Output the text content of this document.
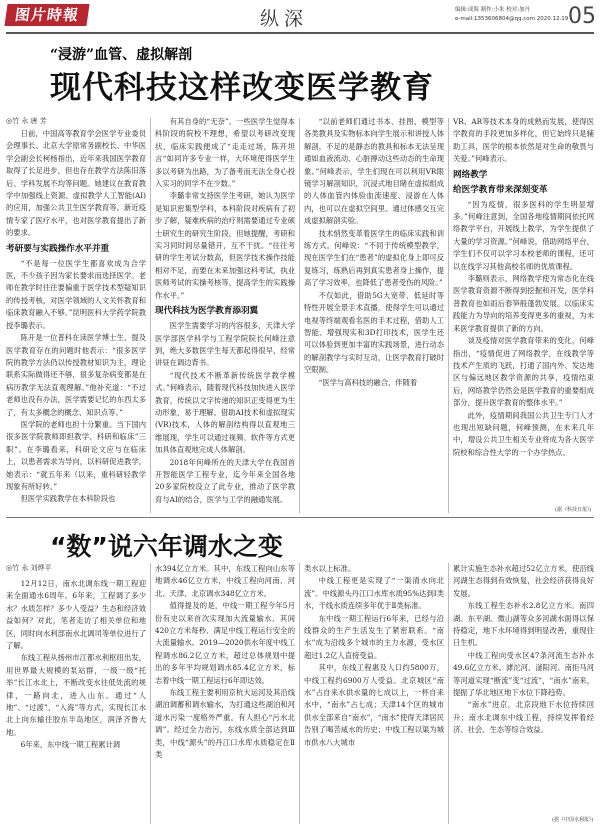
图片時報	纵深	编辑:成海 制作:小朱 校对:加丹
e-mail:1353606804@qq.com 2020.12.19 05
“浸游”血管、虚拟解剖
现代科技这样改变医学教育
◎竹 永 唐 芳

日前，中国高等教育学会医学专业委员会理事长、北京大学原常务副校长、中华医学会副会长柯杨指出，近年来我国医学教育取得了长足进步，但也存在教学方法陈旧落后、学科发展不均等问题。她建议在教育教学中加强线上资源、虚拟教学人工智能(AI)的应用，加强公共卫生医学教育等。新近疫情专家了医疗水平，也对医学教育提出了新的要求。

考研要与实践操作水平并重

“不是每一位医学生都喜欢成为合学医，不少孩子因为家长要求而选择医学。老师在教学时往往要偏重于医学技术型疑知识的传授考核，对医学领域的人文关怀教育和临床教育融入不够。”昆明医科大学药学院教授李璐表示。

陈开是一位普科在读医学博士生，提及医学教育存在的问题时他表示：“很多医学院的教学方法仍以传授教材知识为主，理论联系实际做得还不够，很多复杂病变都是在病历教学无法直观理解。”他补充道：“不过老师也没有办法，医学需要记忆的东西太多了，有太多概念的概念、知识点等。”

医学院的老师也担十分繁重。当下国内很多医学院教师即担教学、科研和临床”三职”。在李璐看来，科研论文应与在临床上，以患者需求为导向，以科研促进教学。她表示：“就五年来（以来，重科研轻教学现象有所好转。”

但医学实践教学在本科阶段也

有其自身的“无奈”。一些医学生觉得本科阶段的院校不理想，希望以考研改变现状，临床实践便成了“走走过场，陈开坦言“如同许多专业一样，大环境使得医学生多以考研为出路，为了备考而无法全身心投入实习的同学不在少数。”

李璐非常支持医学生考研，她认为医学是知识密集型学科，本科阶段对疾病有了初步了解，疑难疾病的治疗则需要通过专业硕士研究生的研究生阶段，但她提醒，考研和实习同时间尽量错开，互不干扰。“往往考研的学生考试分数高，但医学技术操作技能相对不足，而要在未来加强这科考试，执业医师考试的实操考核等，提高学生的实践操作水平。”

现代科技为医学教育添羽翼

医学生需要学习的内容很多，天津大学医学部医学科学与工程学院院长何峰注意到，绝大多数医学生每天都起得很早，经常讲昼在调边背书。

“现代技术不断革新传统医学教学模式。”何峰表示，随着现代科技加快进入医学教育，传统以文字传递的知识正变得更为生动形象、易于理解。借助AI技术和虚拟现实(VR)技术，人体的解剖结构得以直观地三维展现，学生可以通过视频、软件等方式更加具体直观地完成人体解剖。

2018年何峰所在的天津大学在我国首开智能医学工程专业，迄今年来全国各地20多家院校设立了此专业，推动了医学教育与AI的结合，医学与工学的融通发展。

“以前老师们通过书本、挂图、模型等各类教具及实物标本向学生展示和讲授人体解剖，不足的是静态的教具和标本无法呈现通如血液流动、心脏搏动这些动态的生命现象。”何峰表示，学生们现在可以利用VR眼镜学习解剖知识，沉浸式地目睹在虚拟组成的人体血管内体验血流速度、浸游在人体内，也可以在虚拟空间里、通过体感交互完成虚拟解剖实验。

技术悄然变革着医学生的临床实践和训练方式。何峰说：“不同于传统模型教学，现在医学生们在“患者”的虚拟化身上即可反复练习，练熟后再到真实患者身上操作，提高了学习效率，也降低了患者受伤的风险。”

不仅如此，借助5G大宽带、低延时等特性开展全景手术直播，使得学生可以通过电视等终端观看名医的手术过程，借助人工智能、增强现实和3D打印技术，医学生还可以体验到更加丰富的实践场景，进行动态的解剖教学与实时互动，让医学教育打破时空限制。

“医学与高科技的融合，伴随着

VR、AR等技术本身的成熟而发展，使得医学教育的手段更加多样化，但它始终只是辅助工具，医学的根本依然是对生命的敬畏与关爱。”何峰表示。

网络教学

给医学教育带来深刻变革

“因为疫情，很多医科的学生明显增多。”何峰注意到，全国各地疫情期间依托网络教学平台，开展线上教学，为学生提供了大量的学习资源。”何峰说，借助网络平台，学生们不仅可以学习本校老师的课程，还可以在线学习其他高校名师的优质课程。

李璐则表示，网络教学使为常态化在线医学教育资源不断得到挖掘和开发，医学科普教育也如雨后春笋般蓬勃发展。以临床实践能力为导向的培养变得更多的重视，为未来医学教育提供了新的方向。

谈及疫情对医学教育带来的变化，何峰指出，“疫情促进了网络教学，在线教学等技术产生质的飞跃，打通了国内外、发达地区与偏远地区教学资源的共享，疫情结束后，网络教学仍然会是医学教育的重要组成部分，提升医学教育的整体水平。”

此外，疫情期间我国公共卫生专门人才也现出短缺问题，何峰预测，在未来几年中，增设公共卫生相关专业将成为各大医学院校和综合性大学的一个办学热点。

(据《科技日报》)
“数”说六年调水之变
◎竹 永 刘烨平

12月12日，南水北调东线一期工程迎来全面通水6周年。6年来，工程调了多少水？水质怎样？多少人受益？生态和经济效益如何？对此，笔者走访了相关单位和地区，同时向水利部南水北调司等单位进行了了解。

东线工程从扬州市江都水利枢纽出发，用世界最大规模的泵站群，一级一级“托举”长江水北上，不断改变水往低处流的规律，一路向北，进入山东。通过“人地”、“过渡”、“入海”等方式，实现长江水北上向东输往胶东半岛地区，润泽齐鲁大地。

6年来，东中线一期工程累计调

水394亿立方米。其中，东线工程向山东等地调水46亿立方米，中线工程向河南、河北、天津、北京调水348亿立方米。

值得提及的是，中线一期工程今年5月份有史以来首次实现加大流量输水、其间420立方米每秒、满足中线工程运行安全的大流量输水。2019—2020供水年度中线工程调水86.2亿立方米，超过总体规划中提出的多年平均规划调水85.4亿立方米，标志着中线一期工程运行6年即达效。

东线工程主要利用京杭大运河及其沿线湖泊调蓄和调水输水，为打通这些湖泊和河道水污染一度格外严重，有人担心“污水北调”。经过全力治污，东线水质全部达到Ⅲ类，中线“源头”的丹江口水库水质稳定在Ⅱ类

类水以上标准。

中线工程更是实现了“一渠清水向北流”。中线源头丹江口水库水质95%达到Ⅰ类水，干线水质连续多年优于Ⅱ类标准。

东中线一期工程运行6年来，已经与沿线群众的生产生活发生了紧密联系。“南水”成为沿线多个城市的主力水源，受水区超过1.2亿人直接受益。

其中，东线工程惠及人口约5800万，中线工程约6900万人受益。北京城区“南水”占自来水供水量的七成以上，一杯自来水中，“南水”占七成；天津14个区的城市供水全部来自“南水”，“南水”使得天津居民告别了喝苦咸水的历史；中线工程以渠为城市供水八大城市

累计实施生态补水超过52亿立方米，使沿线河湖生态得到有效恢复，社会经济获得良好发展。

东线工程生态补水2.8亿立方米。南四湖、东平湖、微山湖等众多河湖水面得以保持稳定，地下水环境得到明显改善，重现往日生机。

中线工程向受水区47条河流生态补水49.6亿立方米。滹沱河、滏阳河、南拒马河等河道实现“断流”变“过流”，“南水”南来，提振了华北地区地下水位下降趋势。

“南水”进京，北京段地下水位持续回升；南水北调东中线工程，持续发挥着经济、社会、生态等综合效益。

(据《中国水利报》)
